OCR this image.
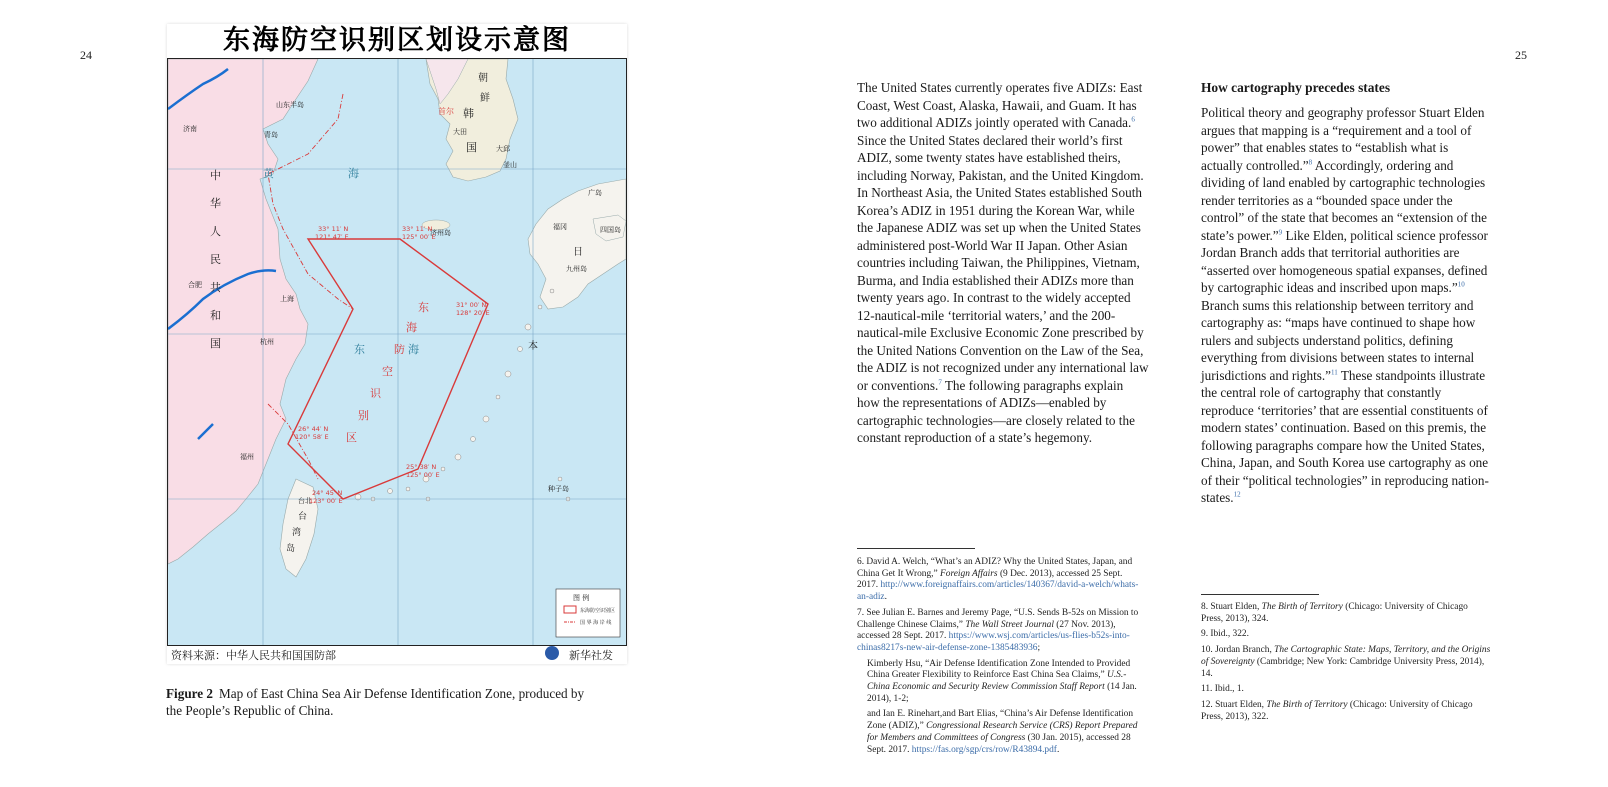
24	25
东海防空识别区划设示意图
中
华
人
民
共
和
国
朝
鲜
首尔 韩
国
大田
大邱
釜山
日
本
福冈
九州岛
四国岛
广岛
黄	海
东	海
东
海
防
空
识
别
区
济州岛
台北
台
湾
岛
上海
杭州
青岛
济南
合肥
福州
山东半岛
种子岛
33° 11′ N
121° 47′ E
33° 11′ N
125° 00′ E
31° 00′ N
128° 20′ E
25° 38′ N
125° 00′ E
24° 45′ N
123° 00′ E
26° 44′ N
120° 58′ E
图 例
东海防空识别区
国 界 海 岸 线
资料来源：中华人民共和国国防部	新华社发
Figure 2 Map of East China Sea Air Defense Identification Zone, produced by the People’s Republic of China.

The United States currently operates five ADIZs: East Coast, West Coast, Alaska, Hawaii, and Guam. It has two additional ADIZs jointly operated with Canada.$^6$ Since the United States declared their world’s first ADIZ, some twenty states have established theirs, including Norway, Pakistan, and the United Kingdom. In Northeast Asia, the United States established South Korea’s ADIZ in 1951 during the Korean War, while the Japanese ADIZ was set up when the United States administered post-World War II Japan. Other Asian countries including Taiwan, the Philippines, Vietnam, Burma, and India established their ADIZs more than twenty years ago. In contrast to the widely accepted 12-nautical-mile ‘territorial waters,’ and the 200-nautical-mile Exclusive Economic Zone prescribed by the United Nations Convention on the Law of the Sea, the ADIZ is not recognized under any international law or conventions.$^7$ The following paragraphs explain how the representations of ADIZs—enabled by cartographic technologies—are closely related to the constant reproduction of a state’s hegemony.

How cartography precedes states

Political theory and geography professor Stuart Elden argues that mapping is a “requirement and a tool of power” that enables states to “establish what is actually controlled.”$^8$ Accordingly, ordering and dividing of land enabled by cartographic technologies render territories as a “bounded space under the control” of the state that becomes an “extension of the state’s power.”$^9$ Like Elden, political science professor Jordan Branch adds that territorial authorities are “asserted over homogeneous spatial expanses, defined by cartographic ideas and inscribed upon maps.”$^{10}$ Branch sums this relationship between territory and cartography as: “maps have continued to shape how rulers and subjects understand politics, defining everything from divisions between states to internal jurisdictions and rights.”$^{11}$ These standpoints illustrate the central role of cartography that constantly reproduce ‘territories’ that are essential constituents of modern states’ continuation. Based on this premis, the following paragraphs compare how the United States, China, Japan, and South Korea use cartography as one of their “political technologies” in reproducing nation-states.$^{12}$

6. David A. Welch, “What’s an ADIZ? Why the United States, Japan, and China Get It Wrong,” Foreign Affairs (9 Dec. 2013), accessed 25 Sept. 2017. http://www.foreignaffairs.com/articles/140367/david-a-welch/whats-an-adiz.

7. See Julian E. Barnes and Jeremy Page, “U.S. Sends B-52s on Mission to Challenge Chinese Claims,” The Wall Street Journal (27 Nov. 2013), accessed 28 Sept. 2017. https://www.wsj.com/articles/us-flies-b52s-into-chinas8217s-new-air-defense-zone-1385483936;

Kimberly Hsu, “Air Defense Identification Zone Intended to Provided China Greater Flexibility to Reinforce East China Sea Claims,” U.S.-China Economic and Security Review Commission Staff Report (14 Jan. 2014), 1-2;

and Ian E. Rinehart,and Bart Elias, “China’s Air Defense Identification Zone (ADIZ),” Congressional Research Service (CRS) Report Prepared for Members and Committees of Congress (30 Jan. 2015), accessed 28 Sept. 2017. https://fas.org/sgp/crs/row/R43894.pdf.

8. Stuart Elden, The Birth of Territory (Chicago: University of Chicago Press, 2013), 324.

9. Ibid., 322.

10. Jordan Branch, The Cartographic State: Maps, Territory, and the Origins of Sovereignty (Cambridge; New York: Cambridge University Press, 2014), 14.

11. Ibid., 1.

12. Stuart Elden, The Birth of Territory (Chicago: University of Chicago Press, 2013), 322.
